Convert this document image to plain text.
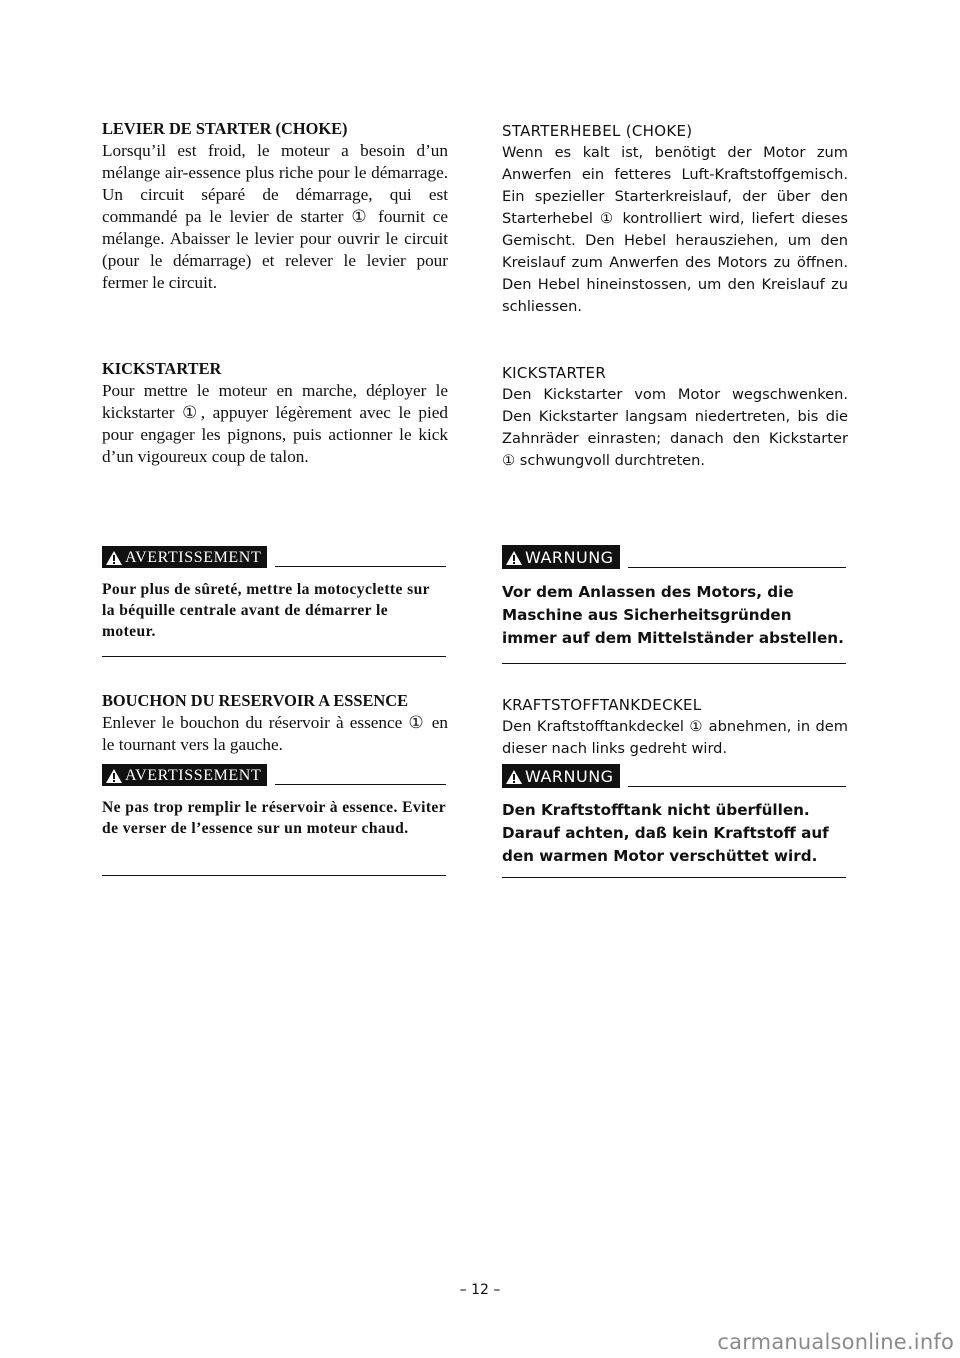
LEVIER DE STARTER (CHOKE)
Lorsqu’il est froid, le moteur a besoin d’un mélange air-essence plus riche pour le démarrage. Un circuit séparé de démarrage, qui est commandé pa le levier de starter ① fournit ce mélange. Abaisser le levier pour ouvrir le circuit (pour le démarrage) et relever le levier pour fermer le circuit.
KICKSTARTER
Pour mettre le moteur en marche, déployer le kickstarter ①, appuyer légèrement avec le pied pour engager les pignons, puis actionner le kick d’un vigoureux coup de talon.
AVERTISSEMENT
Pour plus de sûreté, mettre la motocyclette sur la béquille centrale avant de démarrer le moteur.
BOUCHON DU RESERVOIR A ESSENCE
Enlever le bouchon du réservoir à essence ① en le tournant vers la gauche.
AVERTISSEMENT
Ne pas trop remplir le réservoir à essence. Eviter de verser de l’essence sur un moteur chaud.
STARTERHEBEL (CHOKE)
Wenn es kalt ist, benötigt der Motor zum Anwerfen ein fetteres Luft-Kraftstoffgemisch. Ein spezieller Starterkreislauf, der über den Starterhebel ① kontrolliert wird, liefert dieses Gemischt. Den Hebel herausziehen, um den Kreislauf zum Anwerfen des Motors zu öffnen. Den Hebel hineinstossen, um den Kreislauf zu schliessen.
KICKSTARTER
Den Kickstarter vom Motor wegschwenken. Den Kickstarter langsam niedertreten, bis die Zahnräder einrasten; danach den Kickstarter ① schwungvoll durchtreten.
WARNUNG
Vor dem Anlassen des Motors, die Maschine aus Sicherheitsgründen immer auf dem Mittelständer abstellen.
KRAFTSTOFFTANKDECKEL
Den Kraftstofftankdeckel ① abnehmen, in dem dieser nach links gedreht wird.
WARNUNG
Den Kraftstofftank nicht überfüllen. Darauf achten, daß kein Kraftstoff auf den warmen Motor verschüttet wird.
– 12 –
carmanualsonline.info
